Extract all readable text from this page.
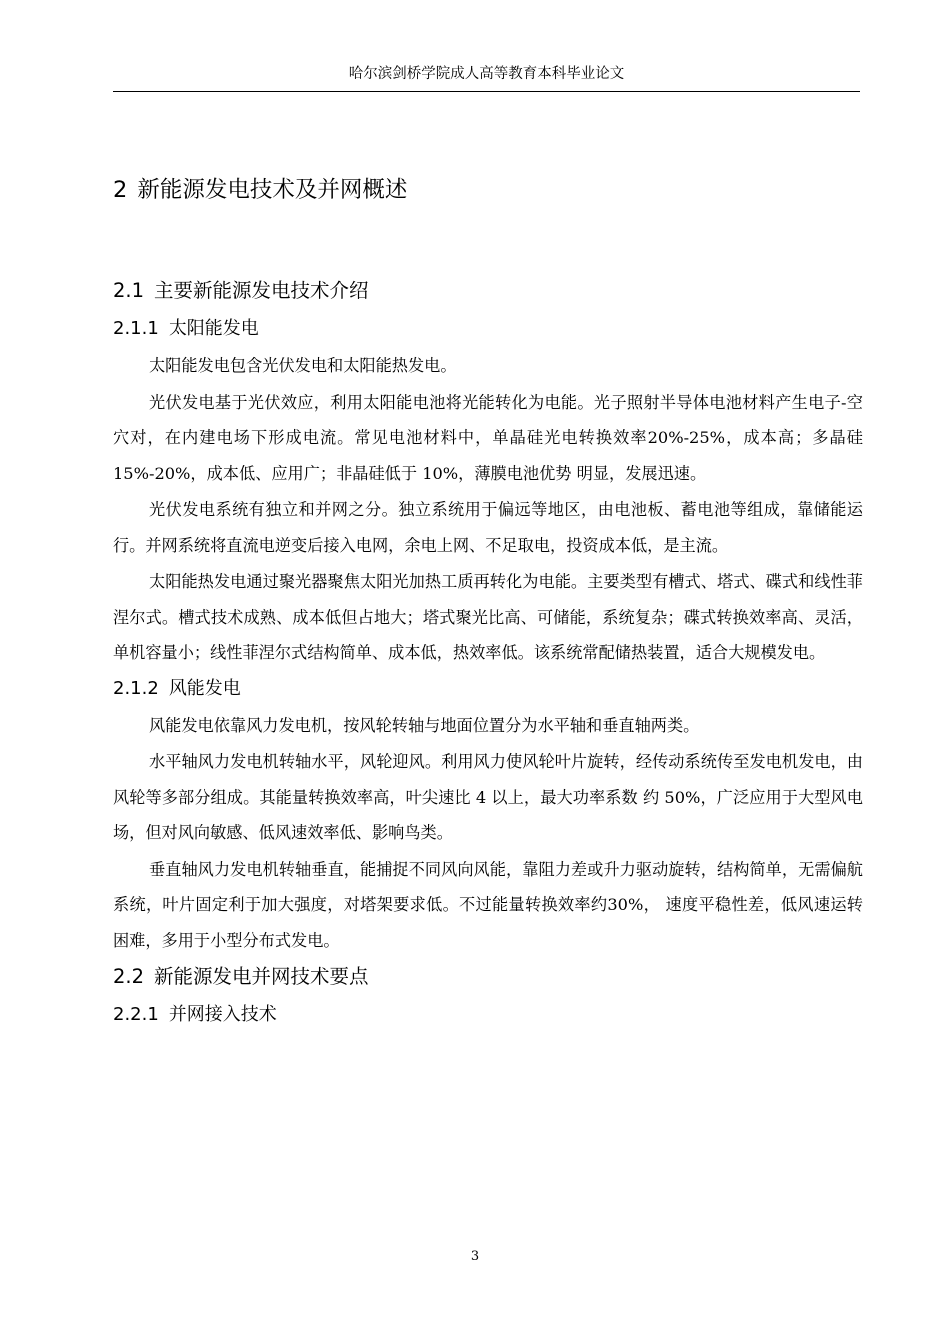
哈尔滨剑桥学院成人高等教育本科毕业论文
2 新能源发电技术及并网概述
2.1 主要新能源发电技术介绍
2.1.1 太阳能发电

太阳能发电包含光伏发电和太阳能热发电。

光伏发电基于光伏效应，利用太阳能电池将光能转化为电能。光子照射半导体电池材料产生电子-空穴对，在内建电场下形成电流。常见电池材料中，单晶硅光电转换效率20%-25%，成本高；多晶硅 15%-20%，成本低、应用广；非晶硅低于 10%，薄膜电池优势 明显，发展迅速。

光伏发电系统有独立和并网之分。独立系统用于偏远等地区，由电池板、蓄电池等组成，靠储能运行。并网系统将直流电逆变后接入电网，余电上网、不足取电，投资成本低，是主流。

太阳能热发电通过聚光器聚焦太阳光加热工质再转化为电能。主要类型有槽式、塔式、碟式和线性菲涅尔式。槽式技术成熟、成本低但占地大；塔式聚光比高、可储能，系统复杂；碟式转换效率高、灵活，单机容量小；线性菲涅尔式结构简单、成本低，热效率低。该系统常配储热装置，适合大规模发电。

2.1.2 风能发电

风能发电依靠风力发电机，按风轮转轴与地面位置分为水平轴和垂直轴两类。

水平轴风力发电机转轴水平，风轮迎风。利用风力使风轮叶片旋转，经传动系统传至发电机发电，由风轮等多部分组成。其能量转换效率高，叶尖速比 4 以上，最大功率系数 约 50%，广泛应用于大型风电场，但对风向敏感、低风速效率低、影响鸟类。

垂直轴风力发电机转轴垂直，能捕捉不同风向风能，靠阻力差或升力驱动旋转，结构简单，无需偏航系统，叶片固定利于加大强度，对塔架要求低。不过能量转换效率约30%， 速度平稳性差，低风速运转困难，多用于小型分布式发电。

2.2 新能源发电并网技术要点
2.2.1 并网接入技术
3
